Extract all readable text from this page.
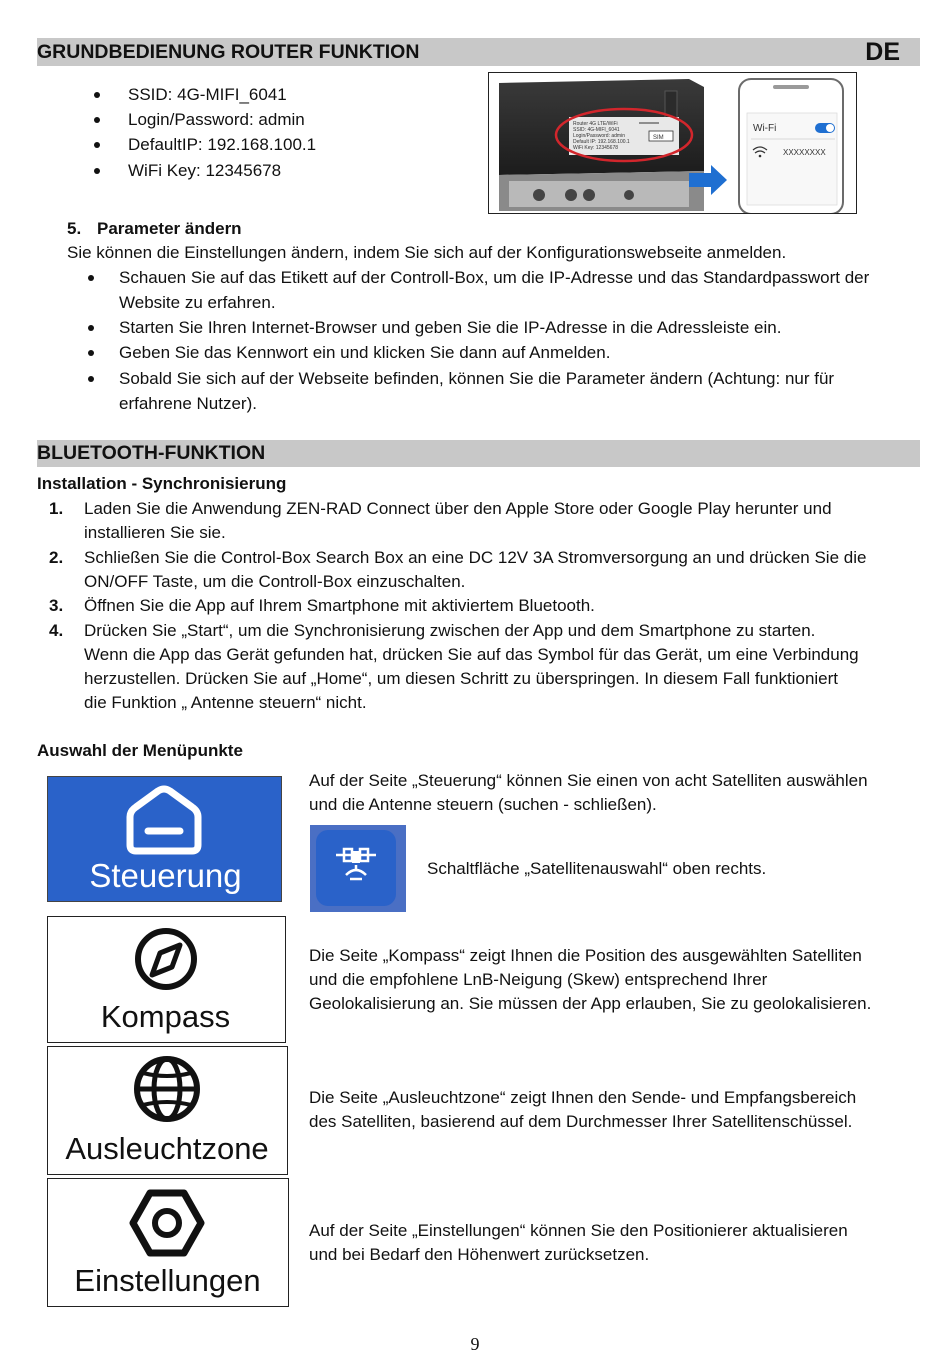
GRUNDBEDIENUNG ROUTER FUNKTION	DE
SSID: 4G-MIFI_6041
Login/Password: admin
DefaultIP: 192.168.100.1
WiFi Key: 12345678
Router 4G LTE/WiFi
SSID: 4G-MIFI_6041
Login/Password: admin
Default IP: 192.168.100.1
WiFi Key: 12345678
SIM
Wi-Fi
XXXXXXXX
5. Parameter ändern
Sie können die Einstellungen ändern, indem Sie sich auf der Konfigurationswebseite anmelden.
Schauen Sie auf das Etikett auf der Controll-Box, um die IP-Adresse und das Standardpasswort der
Website zu erfahren.
Starten Sie Ihren Internet-Browser und geben Sie die IP-Adresse in die Adressleiste ein.
Geben Sie das Kennwort ein und klicken Sie dann auf Anmelden.
Sobald Sie sich auf der Webseite befinden, können Sie die Parameter ändern (Achtung: nur für
erfahrene Nutzer).
BLUETOOTH-FUNKTION
Installation - Synchronisierung
1. Laden Sie die Anwendung ZEN-RAD Connect über den Apple Store oder Google Play herunter und
installieren Sie sie.
2. Schließen Sie die Control-Box Search Box an eine DC 12V 3A Stromversorgung an und drücken Sie die
ON/OFF Taste, um die Controll-Box einzuschalten.
3. Öffnen Sie die App auf Ihrem Smartphone mit aktiviertem Bluetooth.
4. Drücken Sie „Start“, um die Synchronisierung zwischen der App und dem Smartphone zu starten.
Wenn die App das Gerät gefunden hat, drücken Sie auf das Symbol für das Gerät, um eine Verbindung
herzustellen. Drücken Sie auf „Home“, um diesen Schritt zu überspringen. In diesem Fall funktioniert
die Funktion „ Antenne steuern“ nicht.
Auswahl der Menüpunkte
Steuerung
Auf der Seite „Steuerung“ können Sie einen von acht Satelliten auswählen
und die Antenne steuern (suchen - schließen).
Schaltfläche „Satellitenauswahl“ oben rechts.
Kompass
Die Seite „Kompass“ zeigt Ihnen die Position des ausgewählten Satelliten
und die empfohlene LnB-Neigung (Skew) entsprechend Ihrer
Geolokalisierung an. Sie müssen der App erlauben, Sie zu geolokalisieren.
Ausleuchtzone
Die Seite „Ausleuchtzone“ zeigt Ihnen den Sende- und Empfangsbereich
des Satelliten, basierend auf dem Durchmesser Ihrer Satellitenschüssel.
Einstellungen
Auf der Seite „Einstellungen“ können Sie den Positionierer aktualisieren
und bei Bedarf den Höhenwert zurücksetzen.
9
